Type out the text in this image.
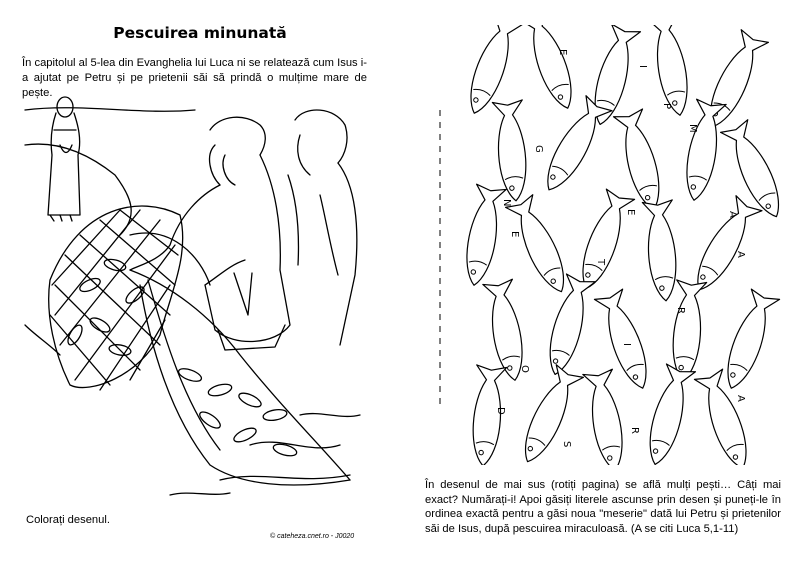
Pescuirea minunată
În capitolul al 5-lea din Evanghelia lui Luca ni se relatează cum Isus i-a ajutat pe Petru și pe prietenii săi să prindă o mulțime mare de pește.
Colorați desenul.
© cateheza.cnet.ro - J0020
E
I
P
M
G
A
E
N
E
A
T
R
I
O
D
R
A
S
În desenul de mai sus (rotiți pagina) se află mulți pești… Câți mai exact? Numărați-i! Apoi găsiți literele ascunse prin desen și puneți-le în ordinea exactă pentru a găsi noua "meserie" dată lui Petru și prietenilor săi de Isus, după pescuirea miraculoasă. (A se citi Luca 5,1-11)
